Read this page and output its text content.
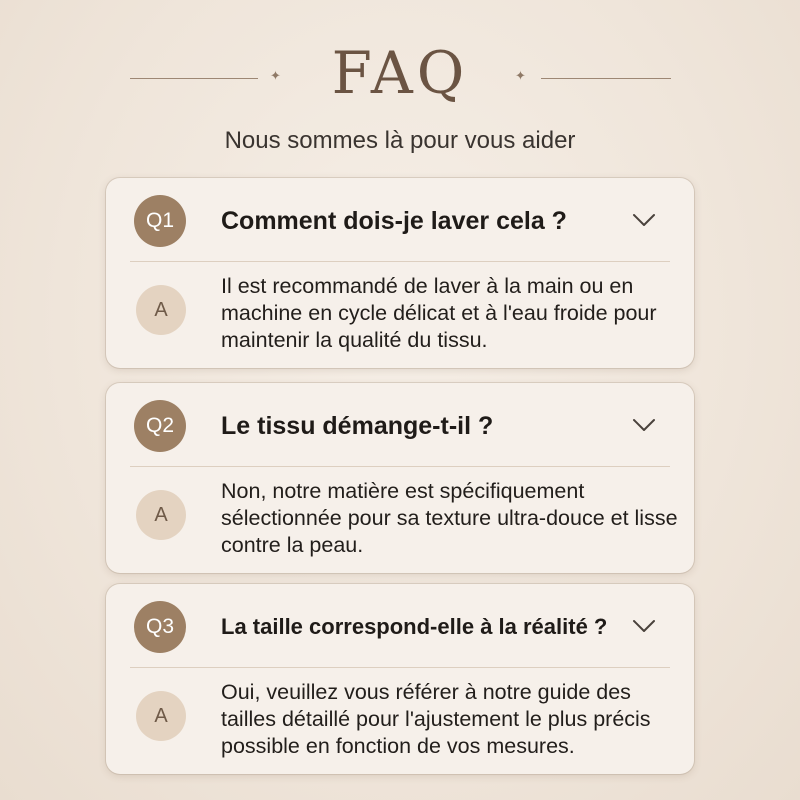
✦ FAQ	✦
Nous sommes là pour vous aider
Q1	Comment dois-je laver cela ?
A
Il est recommandé de laver à la main ou en machine en cycle délicat et à l'eau froide pour maintenir la qualité du tissu.
Q2	Le tissu démange-t-il ?
A
Non, notre matière est spécifiquement sélectionnée pour sa texture ultra-douce et lisse contre la peau.
Q3	La taille correspond-elle à la réalité ?
A
Oui, veuillez vous référer à notre guide des tailles détaillé pour l'ajustement le plus précis possible en fonction de vos mesures.
